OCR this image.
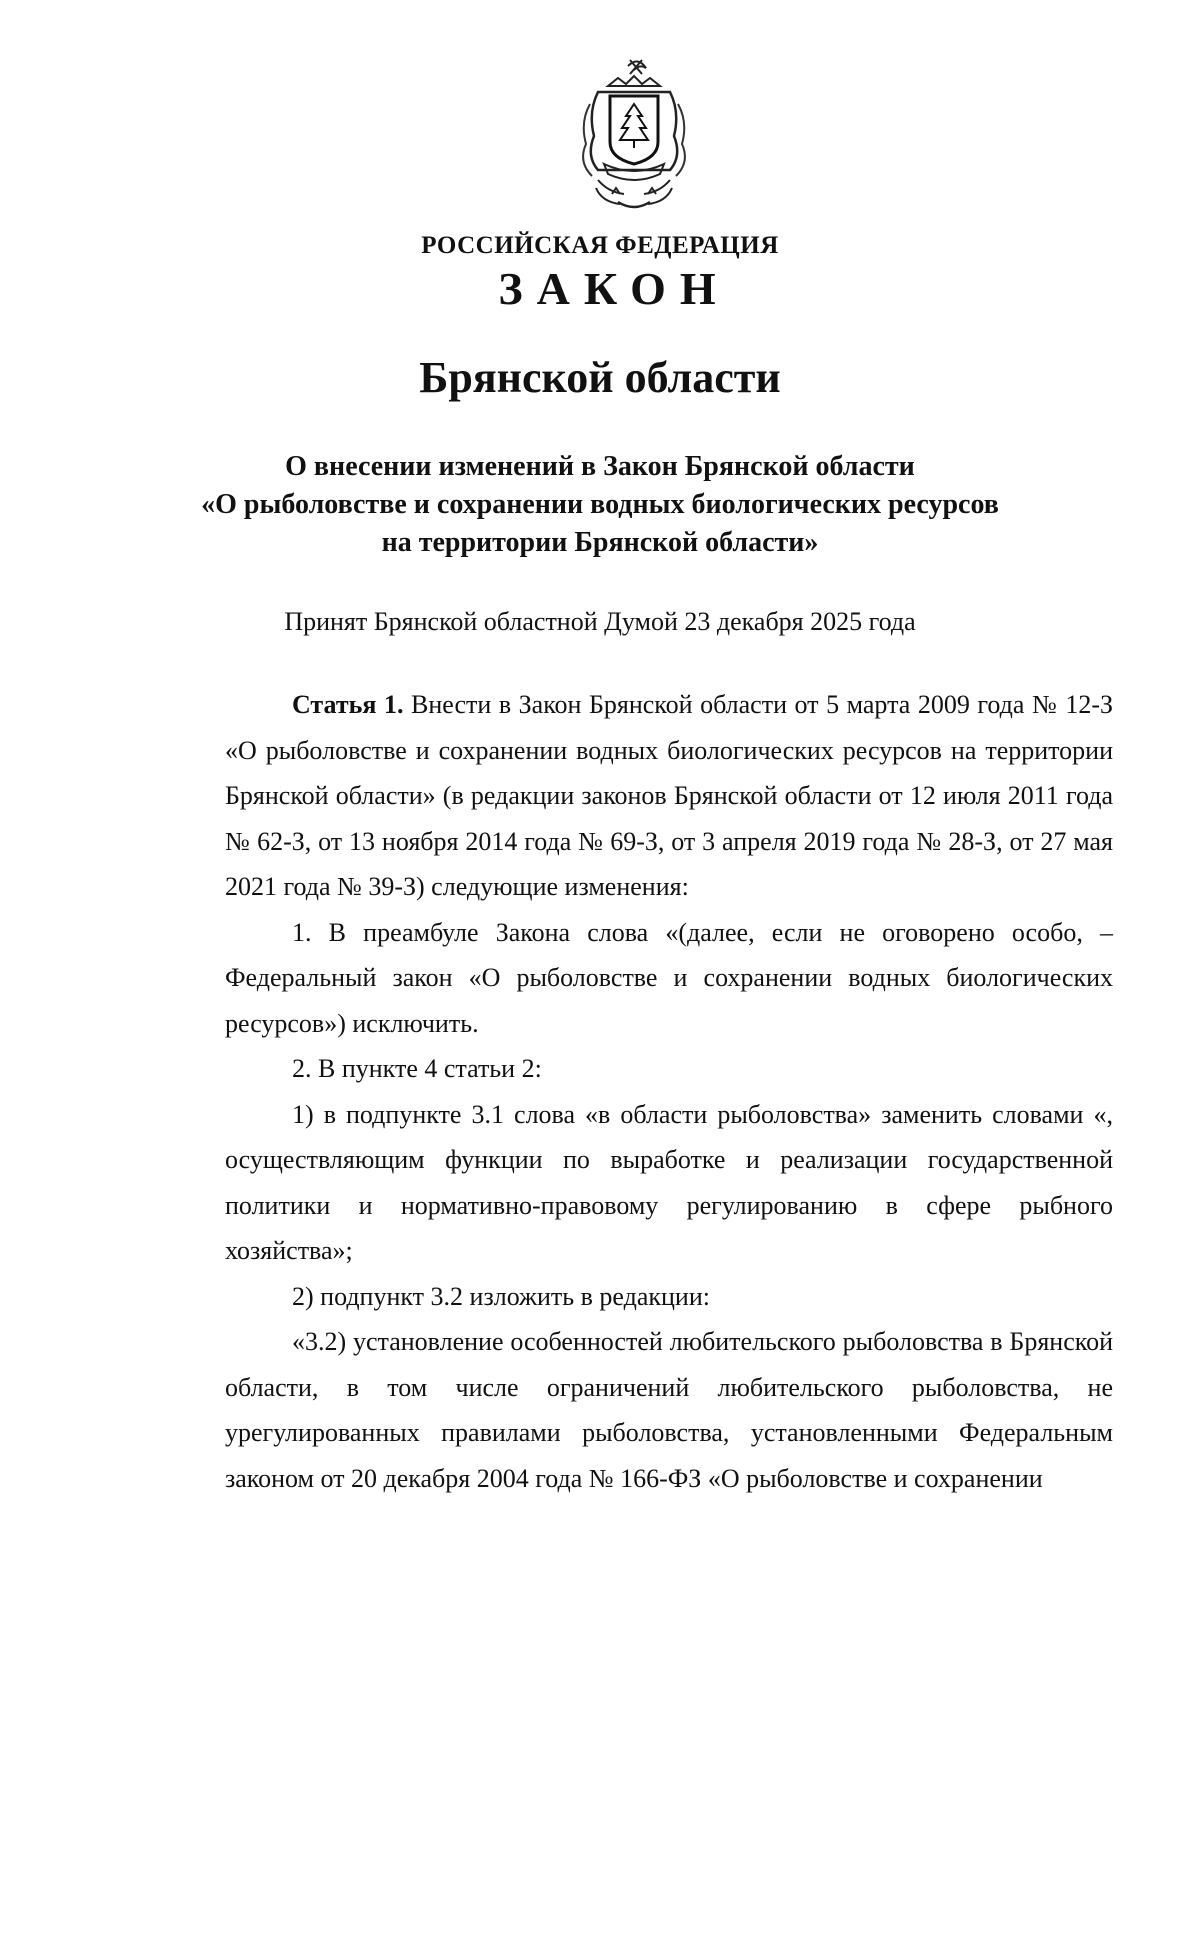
РОССИЙСКАЯ ФЕДЕРАЦИЯ
ЗАКОН
Брянской области
О внесении изменений в Закон Брянской области
«О рыболовстве и сохранении водных биологических ресурсов
на территории Брянской области»
Принят Брянской областной Думой 23 декабря 2025 года

Статья 1. Внести в Закон Брянской области от 5 марта 2009 года № 12-З «О рыболовстве и сохранении водных биологических ресурсов на территории Брянской области» (в редакции законов Брянской области от 12 июля 2011 года № 62-З, от 13 ноября 2014 года № 69-З, от 3 апреля 2019 года № 28-З, от 27 мая 2021 года № 39-З) следующие изменения:

1. В преамбуле Закона слова «(далее, если не оговорено особо, – Федеральный закон «О рыболовстве и сохранении водных биологических ресурсов») исключить.

2. В пункте 4 статьи 2:

1) в подпункте 3.1 слова «в области рыболовства» заменить словами «, осуществляющим функции по выработке и реализации государственной политики и нормативно-правовому регулированию в сфере рыбного хозяйства»;

2) подпункт 3.2 изложить в редакции:

«3.2) установление особенностей любительского рыболовства в Брянской области, в том числе ограничений любительского рыболовства, не урегулированных правилами рыболовства, установленными Федеральным законом от 20 декабря 2004 года № 166-ФЗ «О рыболовстве и сохранении
